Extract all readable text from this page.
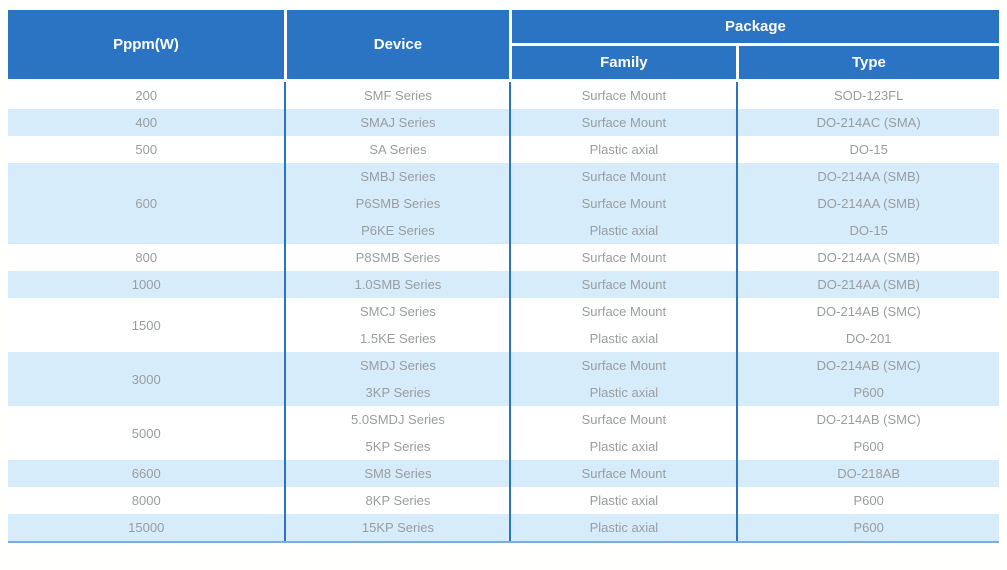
Pppm(W)	Device	Package	
		Family	Type
200	SMF Series	Surface Mount	SOD-123FL
400	SMAJ Series	Surface Mount	DO-214AC (SMA)
500	SA Series	Plastic axial	DO-15
600	SMBJ Series	Surface Mount	DO-214AA (SMB)
	P6SMB Series	Surface Mount	DO-214AA (SMB)
	P6KE Series	Plastic axial	DO-15
800	P8SMB Series	Surface Mount	DO-214AA (SMB)
1000	1.0SMB Series	Surface Mount	DO-214AA (SMB)
1500	SMCJ Series	Surface Mount	DO-214AB (SMC)
	1.5KE Series	Plastic axial	DO-201
3000	SMDJ Series	Surface Mount	DO-214AB (SMC)
	3KP Series	Plastic axial	P600
5000	5.0SMDJ Series	Surface Mount	DO-214AB (SMC)
	5KP Series	Plastic axial	P600
6600	SM8 Series	Surface Mount	DO-218AB
8000	8KP Series	Plastic axial	P600
15000	15KP Series	Plastic axial	P600
